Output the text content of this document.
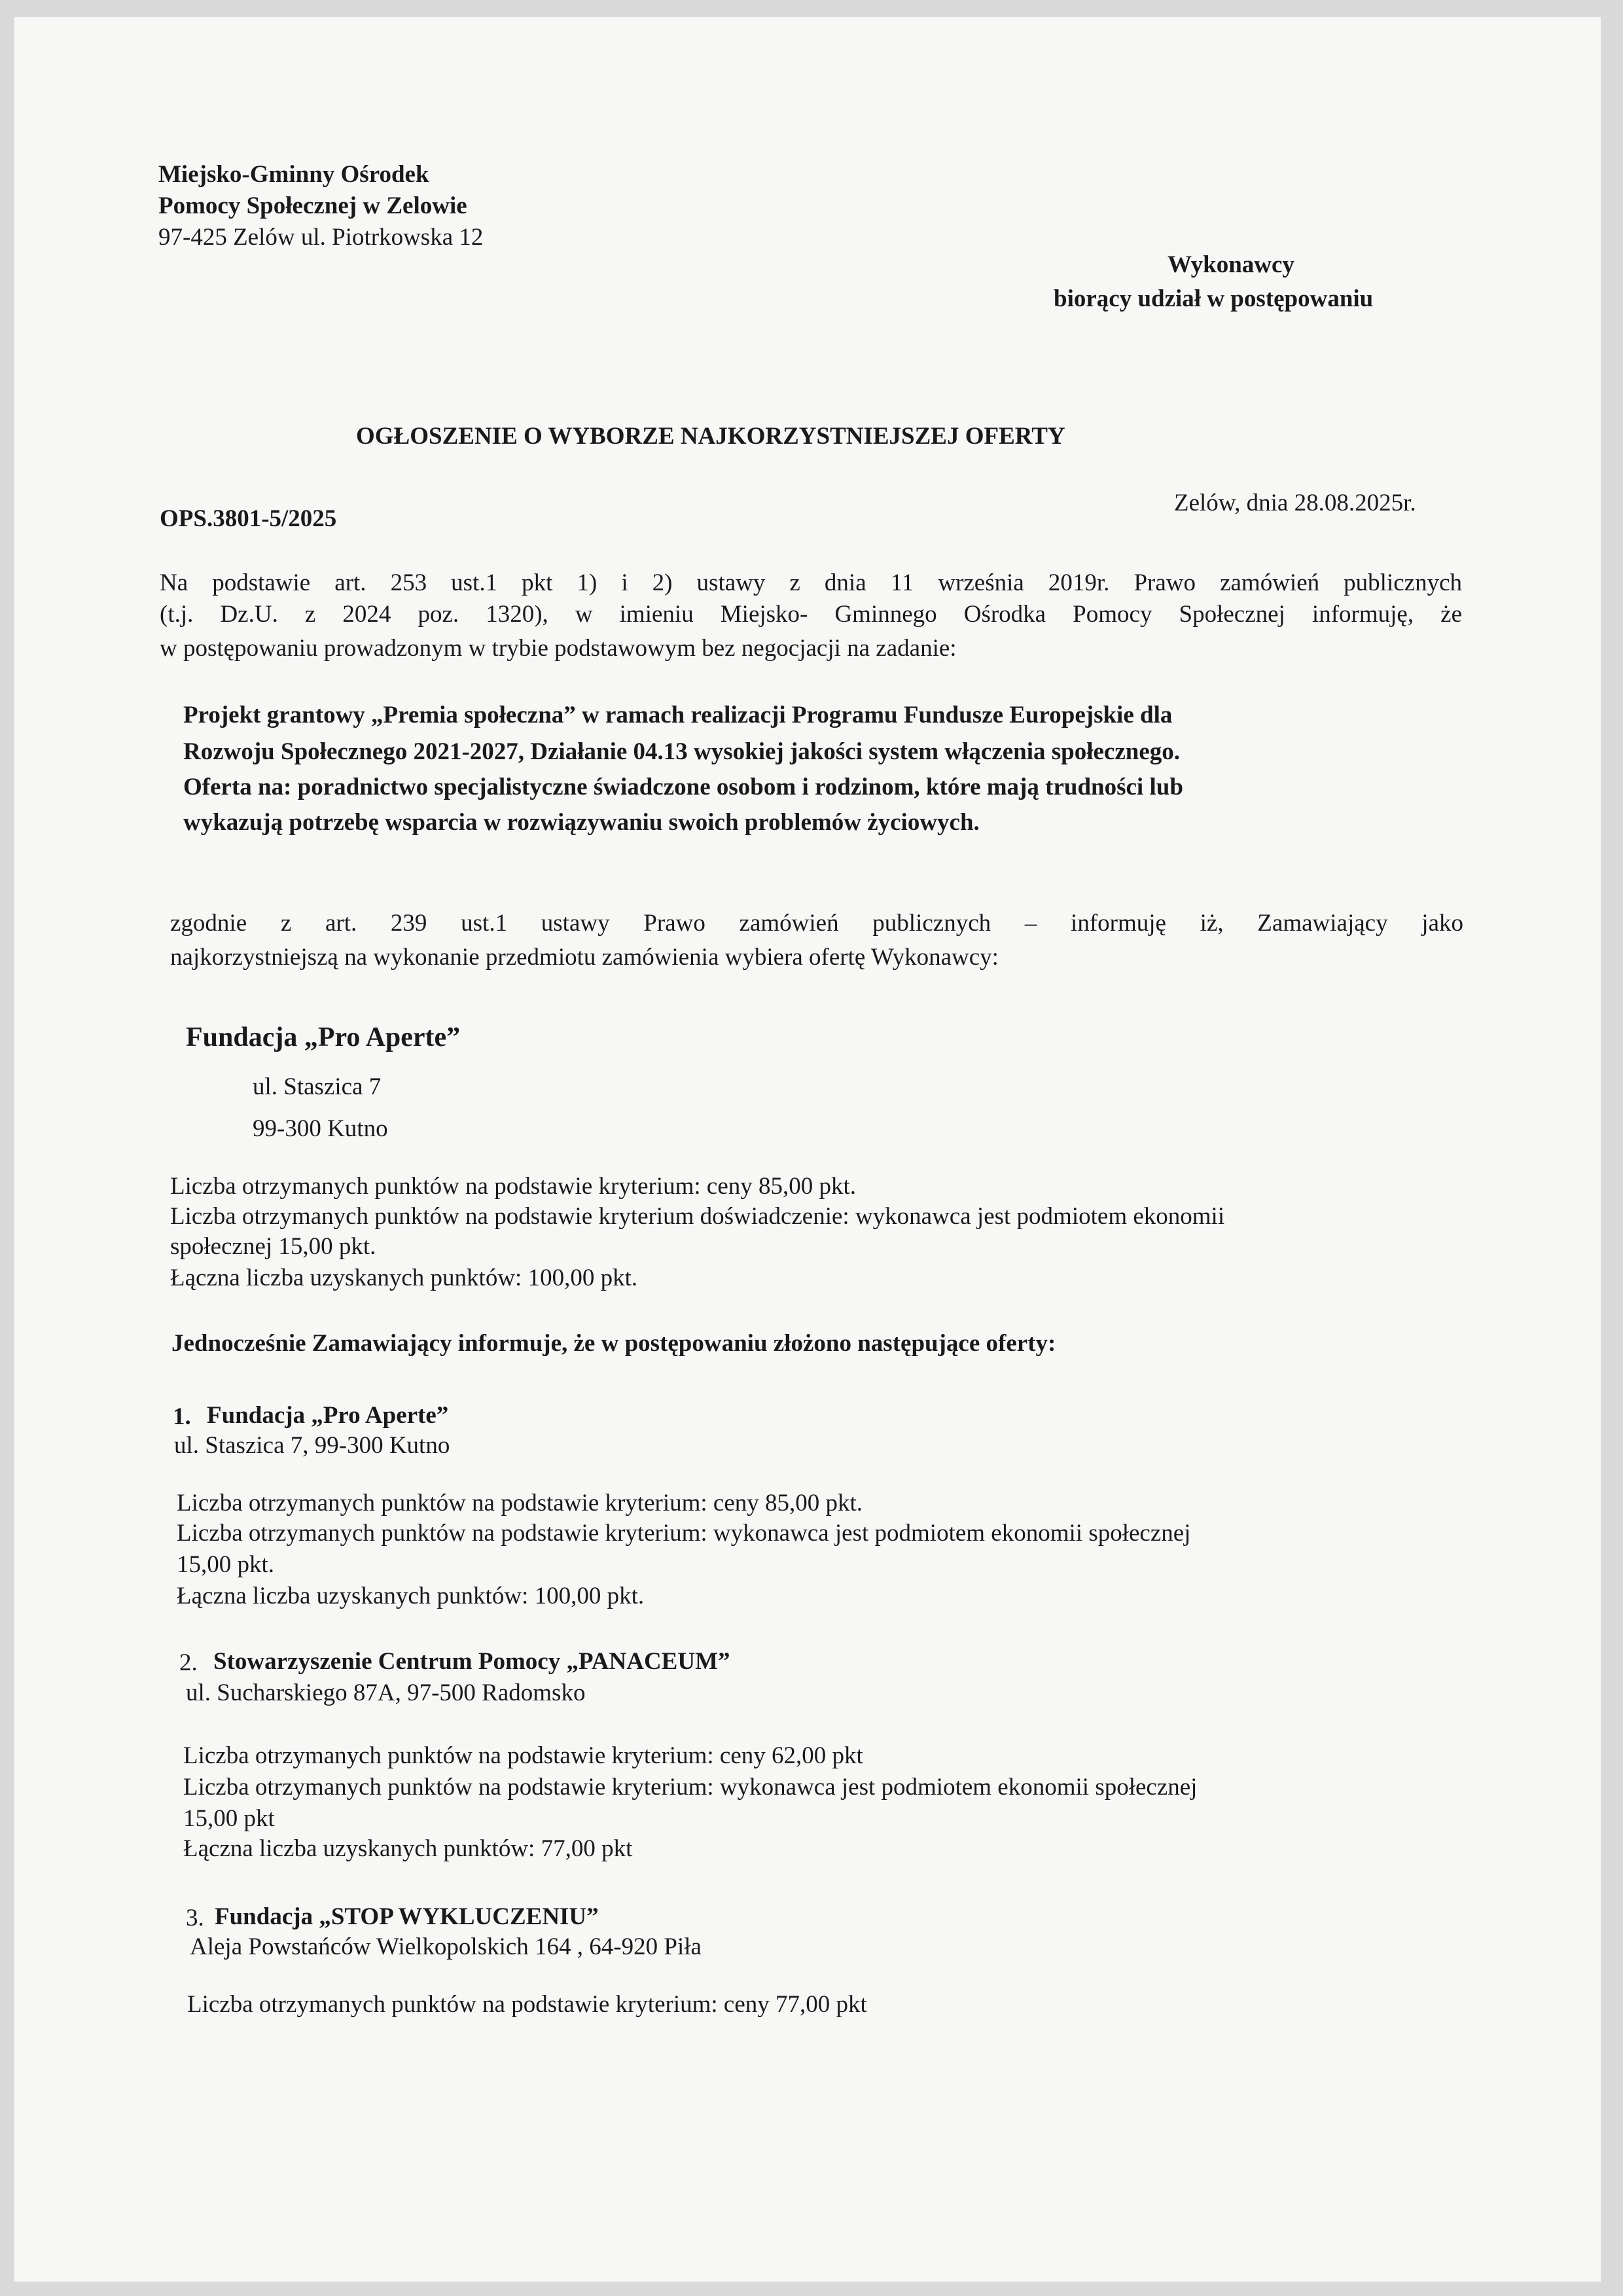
Miejsko-Gminny Ośrodek
Pomocy Społecznej w Zelowie
97-425 Zelów ul. Piotrkowska 12
Wykonawcy
biorący udział w postępowaniu
OGŁOSZENIE O WYBORZE NAJKORZYSTNIEJSZEJ OFERTY
OPS.3801-5/2025
Zelów, dnia 28.08.2025r.
Na podstawie art. 253 ust.1 pkt 1) i 2) ustawy z dnia 11 września 2019r. Prawo zamówień publicznych
(t.j. Dz.U. z 2024 poz. 1320), w imieniu Miejsko- Gminnego Ośrodka Pomocy Społecznej informuję, że
w postępowaniu prowadzonym w trybie podstawowym bez negocjacji na zadanie:
Projekt grantowy „Premia społeczna” w ramach realizacji Programu Fundusze Europejskie dla
Rozwoju Społecznego 2021-2027, Działanie 04.13 wysokiej jakości system włączenia społecznego.
Oferta na: poradnictwo specjalistyczne świadczone osobom i rodzinom, które mają trudności lub
wykazują potrzebę wsparcia w rozwiązywaniu swoich problemów życiowych.
zgodnie z art. 239 ust.1 ustawy Prawo zamówień publicznych – informuję iż, Zamawiający jako
najkorzystniejszą na wykonanie przedmiotu zamówienia wybiera ofertę Wykonawcy:
Fundacja „Pro Aperte”
ul. Staszica 7
99-300 Kutno
Liczba otrzymanych punktów na podstawie kryterium: ceny 85,00 pkt.
Liczba otrzymanych punktów na podstawie kryterium doświadczenie: wykonawca jest podmiotem ekonomii
społecznej 15,00 pkt.
Łączna liczba uzyskanych punktów: 100,00 pkt.
Jednocześnie Zamawiający informuje, że w postępowaniu złożono następujące oferty:
1. Fundacja „Pro Aperte”
ul. Staszica 7, 99-300 Kutno
Liczba otrzymanych punktów na podstawie kryterium: ceny 85,00 pkt.
Liczba otrzymanych punktów na podstawie kryterium: wykonawca jest podmiotem ekonomii społecznej
15,00 pkt.
Łączna liczba uzyskanych punktów: 100,00 pkt.
2. Stowarzyszenie Centrum Pomocy „PANACEUM”
ul. Sucharskiego 87A, 97-500 Radomsko
Liczba otrzymanych punktów na podstawie kryterium: ceny 62,00 pkt
Liczba otrzymanych punktów na podstawie kryterium: wykonawca jest podmiotem ekonomii społecznej
15,00 pkt
Łączna liczba uzyskanych punktów: 77,00 pkt
3. Fundacja „STOP WYKLUCZENIU”
Aleja Powstańców Wielkopolskich 164 , 64-920 Piła
Liczba otrzymanych punktów na podstawie kryterium: ceny 77,00 pkt
